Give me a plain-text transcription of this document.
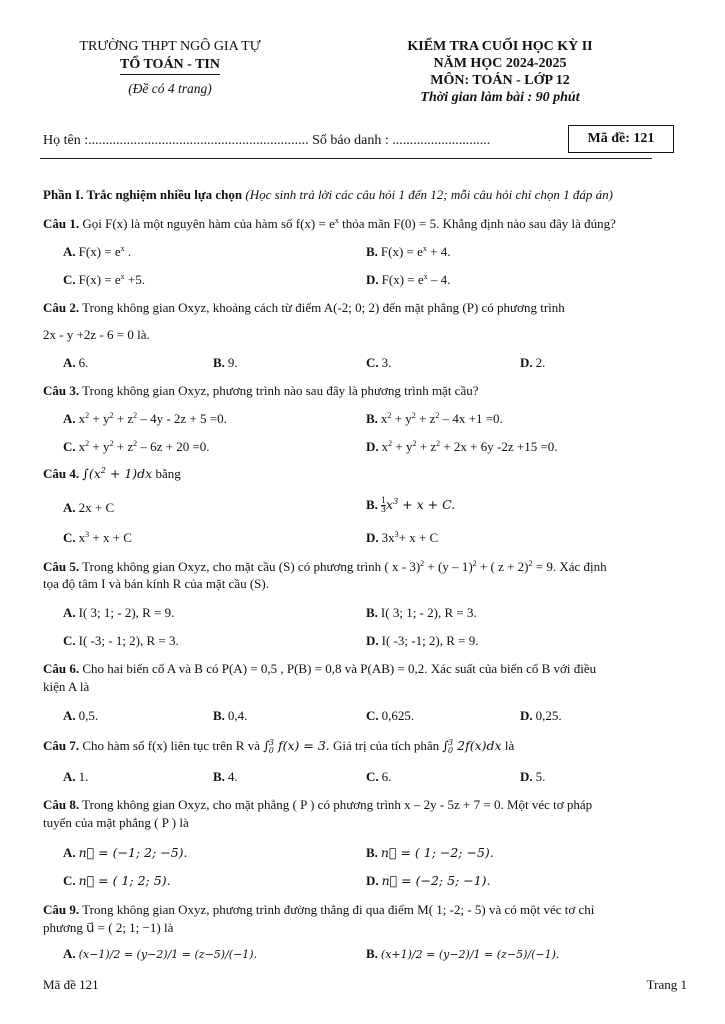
TRƯỜNG THPT NGÔ GIA TỰ
TỔ TOÁN - TIN
(Đề có 4 trang)
KIỂM TRA CUỐI HỌC KỲ II
NĂM HỌC 2024-2025
MÔN: TOÁN - LỚP 12
Thời gian làm bài : 90 phút
Họ tên :............................................................... Số báo danh : ............................	Mã đề: 121
Phần I. Trắc nghiệm nhiều lựa chọn (Học sinh trả lời các câu hỏi 1 đến 12; mỗi câu hỏi chỉ chọn 1 đáp án)
Câu 1. Gọi F(x) là một nguyên hàm của hàm số $f(x) = e^x$ thỏa mãn F(0) = 5. Khẳng định nào sau đây là đúng?
A. $F(x) = e^x$ .	B. $F(x) = e^x + 4$.
C. $F(x) = e^x +5$.	D. $F(x) = e^x - 4$.
Câu 2. Trong không gian Oxyz, khoảng cách từ điểm A(-2; 0; 2) đến mặt phẳng (P) có phương trình
2x - y +2z - 6 = 0 là.
A. 6.	B. 9.	C. 3.	D. 2.
Câu 3. Trong không gian Oxyz, phương trình nào sau đây là phương trình mặt cầu?
A. $x^2 + y^2 + z^2 - 4y - 2z + 5 =0$.	B. $x^2 + y^2 + z^2 - 4x +1 =0$.
C. $x^2 + y^2 + z^2 - 6z + 20 =0$.	D. $x^2 + y^2 + z^2 + 2x + 6y$ -2z +15 =0.
Câu 4. $\int(x^2 + 1)dx$ bằng
A. 2x + C	B. $\frac{1}{3} x^3 + x + C$.
C. $x^3 + x + C$	D. $3x^3+ x + C$
Câu 5. Trong không gian Oxyz, cho mặt cầu (S) có phương trình ( x - 3)$^2$ + (y – 1)$^2$ + ( z + 2)$^2$ = 9. Xác định
tọa độ tâm I và bán kính R của mặt cầu (S).
A. I( 3; 1; - 2), R = 9.	B. I( 3; 1; - 2), R = 3.
C. I( -3; - 1; 2), R = 3.	D. I( -3; -1; 2), R = 9.
Câu 6. Cho hai biến cố A và B có P(A) = 0,5 , P(B) = 0,8 và P(AB) = 0,2. Xác suất của biến cố B với điều
kiện A là
A. 0,5.	B. 0,4.	C. 0,625.	D. 0,25.
Câu 7. Cho hàm số f(x) liên tục trên R và $\int_0^3$ f(x) = 3. Giá trị của tích phân $\int_0^3$ 2f(x)dx là
A. 1.	B. 4.	C. 6.	D. 5.
Câu 8. Trong không gian Oxyz, cho mặt phẳng ( P ) có phương trình x – 2y - 5z + 7 = 0. Một véc tơ pháp
tuyến của mặt phẳng ( P ) là
A. n⃗ = (−1; 2; −5).	B. n⃗ = ( 1; −2; −5).
C. n⃗ = ( 1; 2; 5).	D. n⃗ = (−2; 5; −1).
Câu 9. Trong không gian Oxyz, phương trình đường thẳng đi qua điểm M( 1; -2; - 5) và có một véc tơ chỉ
phương u⃗ = ( 2; 1; −1) là
A. (x−1)/2 = (y−2)/1 = (z−5)/(−1).	B. (x+1)/2 = (y−2)/1 = (z−5)/(−1).
Mã đề 121	Trang 1
